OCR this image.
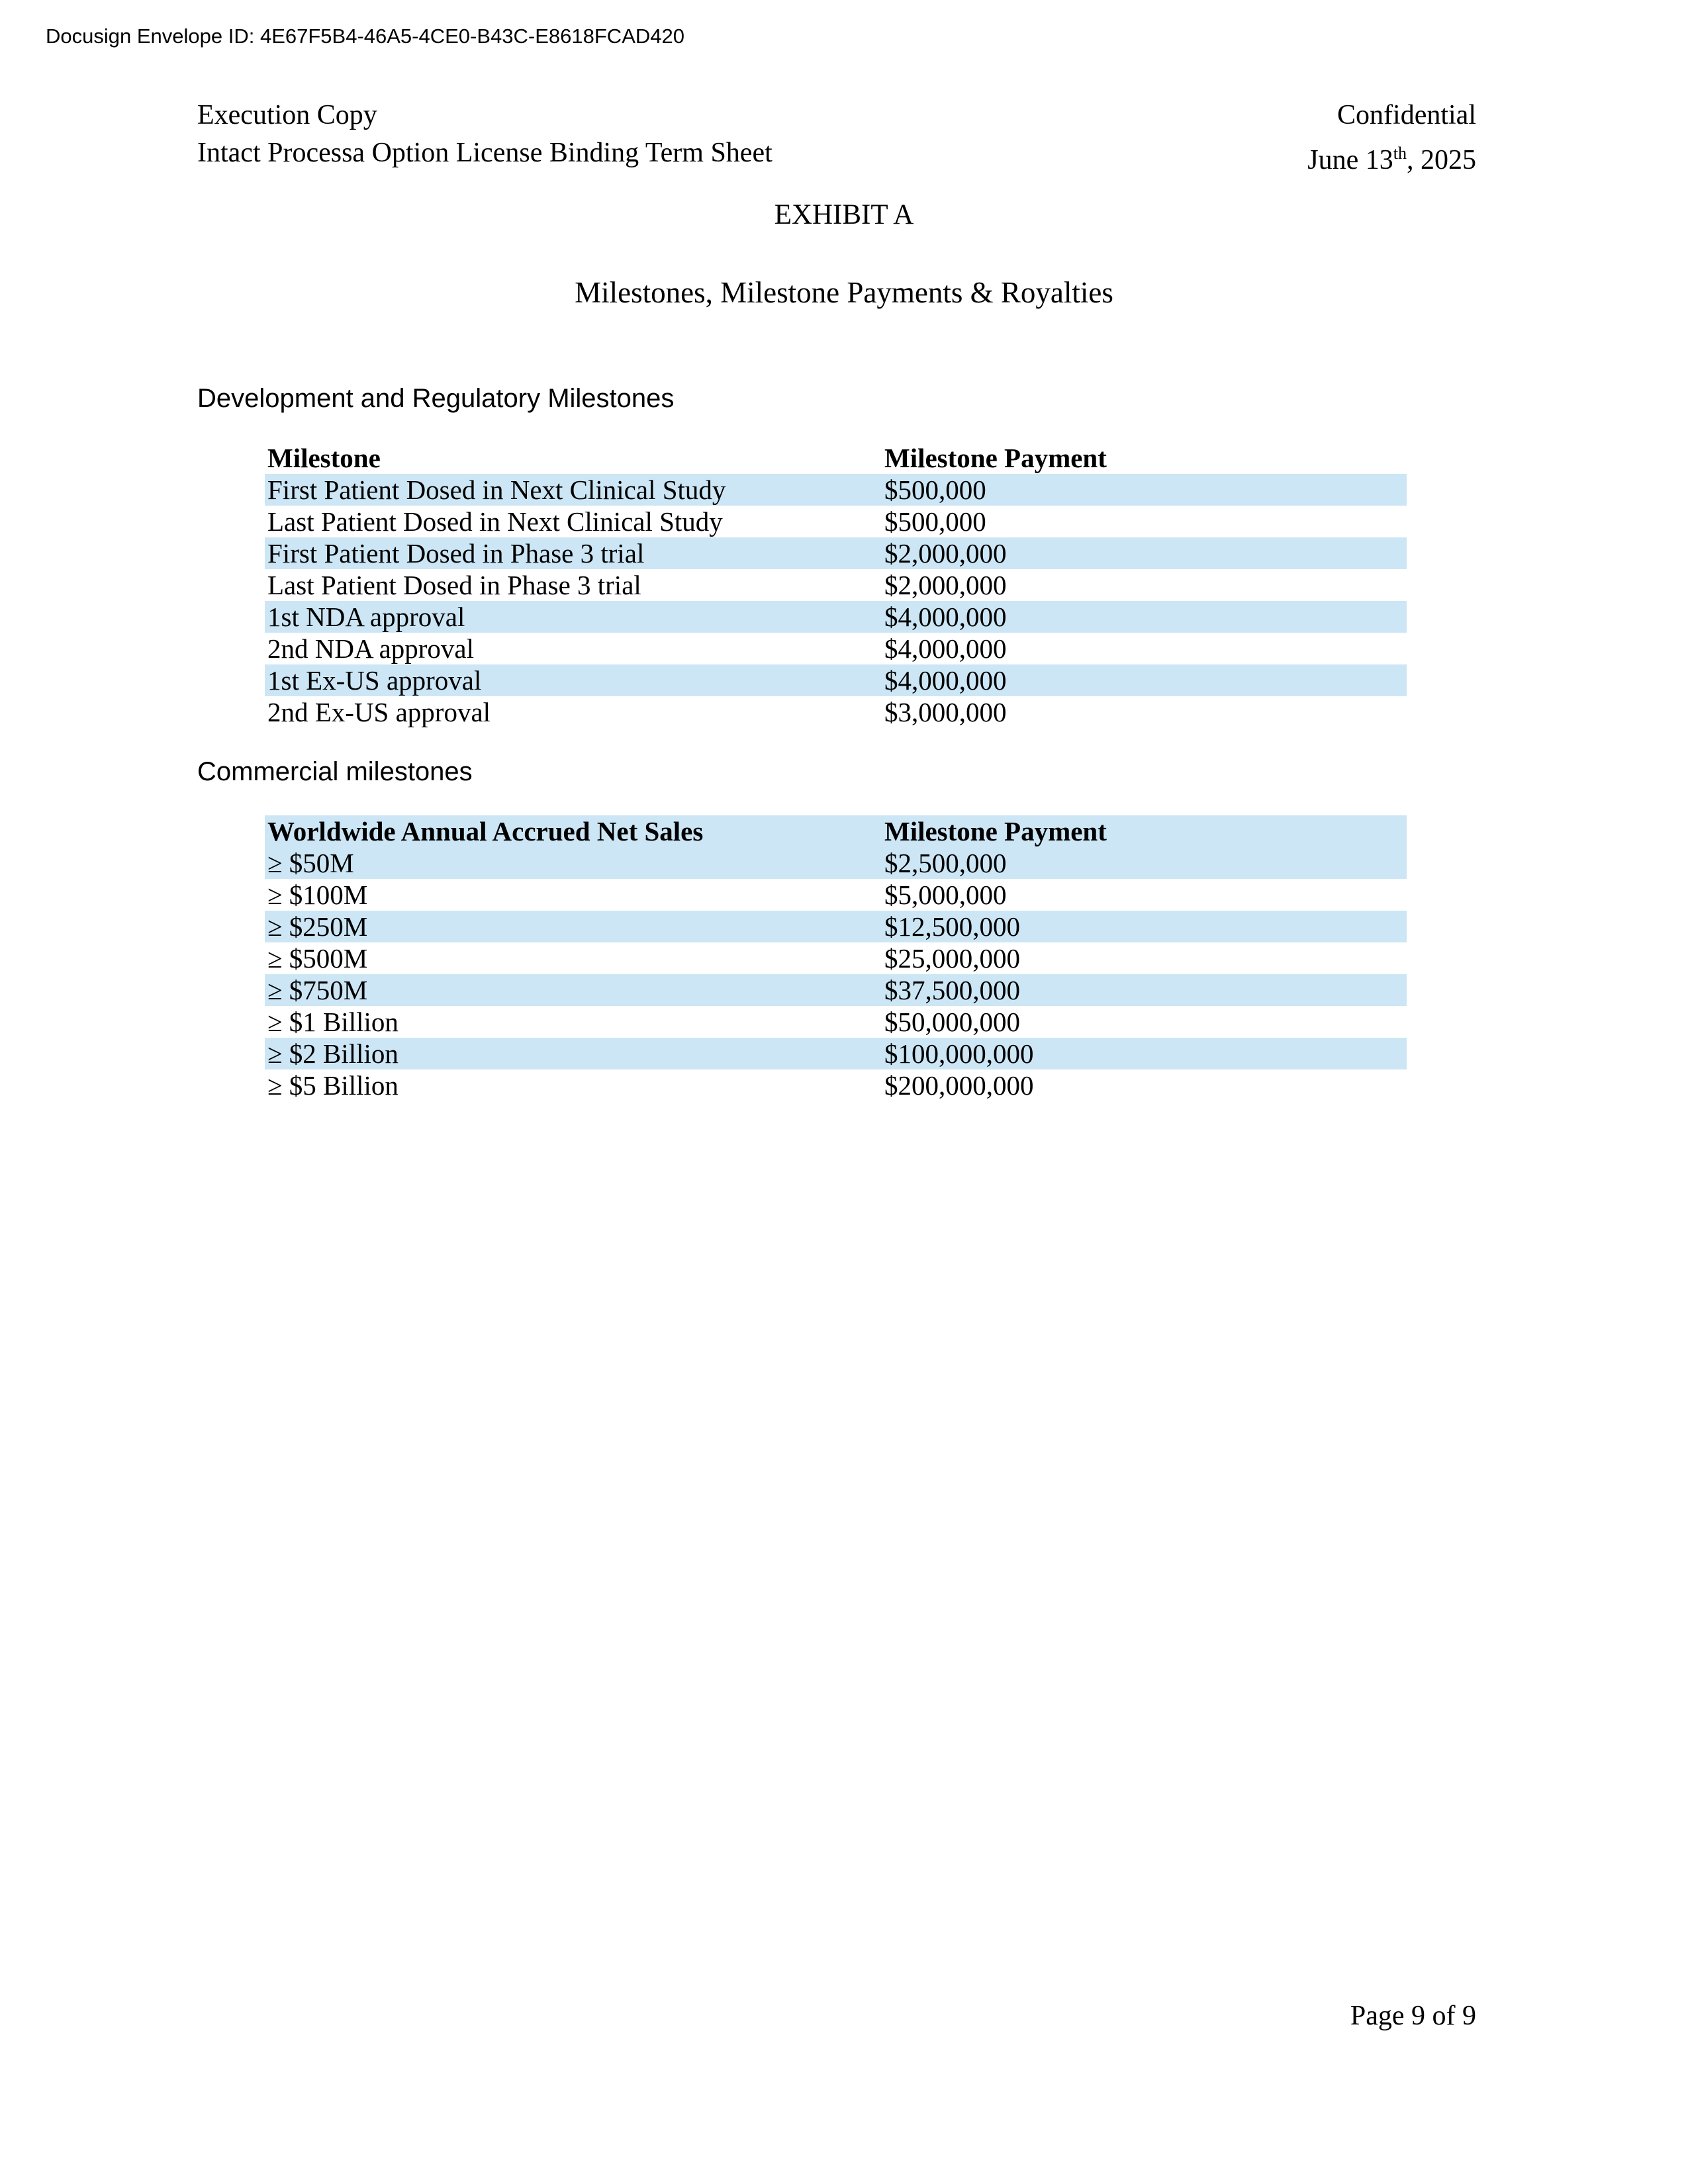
Docusign Envelope ID: 4E67F5B4-46A5-4CE0-B43C-E8618FCAD420
Execution Copy
Intact Processa Option License Binding Term Sheet
Confidential
June 13th, 2025
EXHIBIT A
Milestones, Milestone Payments & Royalties
Development and Regulatory Milestones
Milestone	Milestone Payment
First Patient Dosed in Next Clinical Study	$500,000
Last Patient Dosed in Next Clinical Study	$500,000
First Patient Dosed in Phase 3 trial	$2,000,000
Last Patient Dosed in Phase 3 trial	$2,000,000
1st NDA approval	$4,000,000
2nd NDA approval	$4,000,000
1st Ex-US approval	$4,000,000
2nd Ex-US approval	$3,000,000
Commercial milestones
Worldwide Annual Accrued Net Sales	Milestone Payment
≥ $50M	$2,500,000
≥ $100M	$5,000,000
≥ $250M	$12,500,000
≥ $500M	$25,000,000
≥ $750M	$37,500,000
≥ $1 Billion	$50,000,000
≥ $2 Billion	$100,000,000
≥ $5 Billion	$200,000,000
Page 9 of 9
